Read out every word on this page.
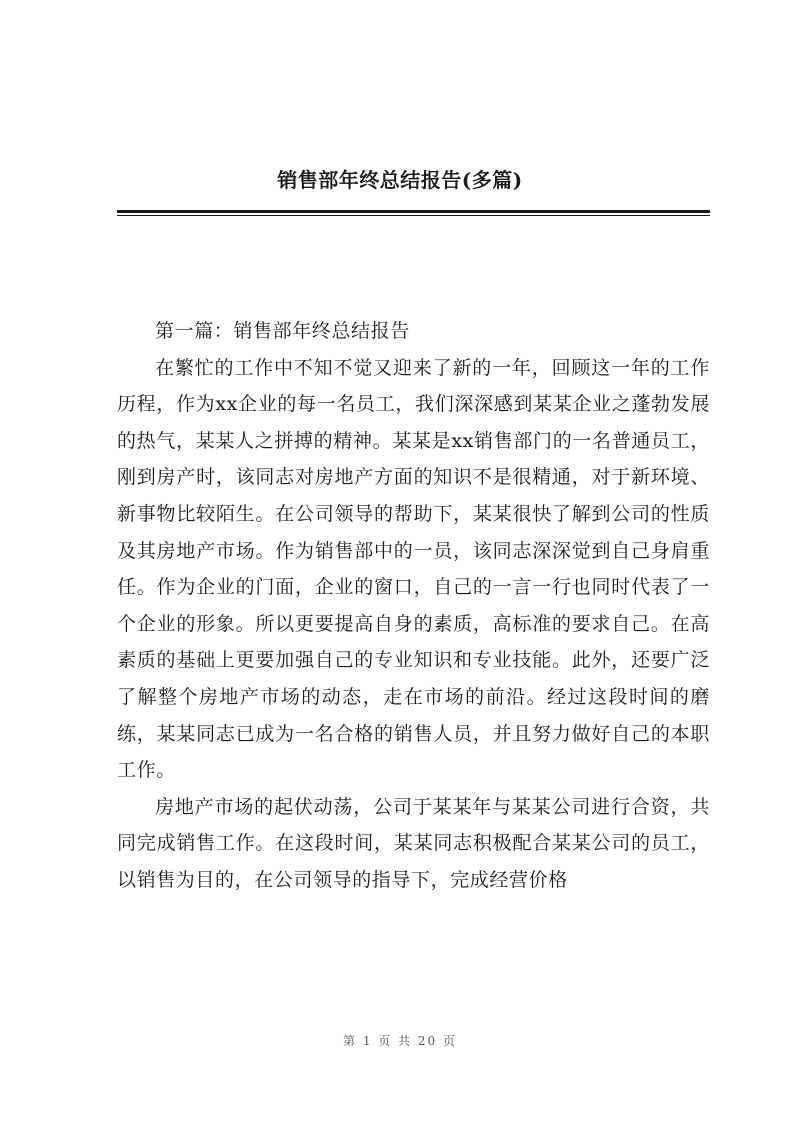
销售部年终总结报告(多篇)

第一篇：销售部年终总结报告

在繁忙的工作中不知不觉又迎来了新的一年，回顾这一年的工作历程，作为xx企业的每一名员工，我们深深感到某某企业之蓬勃发展的热气，某某人之拼搏的精神。某某是xx销售部门的一名普通员工，刚到房产时，该同志对房地产方面的知识不是很精通，对于新环境、新事物比较陌生。在公司领导的帮助下，某某很快了解到公司的性质及其房地产市场。作为销售部中的一员，该同志深深觉到自己身肩重任。作为企业的门面，企业的窗口，自己的一言一行也同时代表了一个企业的形象。所以更要提高自身的素质，高标准的要求自己。在高素质的基础上更要加强自己的专业知识和专业技能。此外，还要广泛了解整个房地产市场的动态，走在市场的前沿。经过这段时间的磨练，某某同志已成为一名合格的销售人员，并且努力做好自己的本职工作。

房地产市场的起伏动荡，公司于某某年与某某公司进行合资，共同完成销售工作。在这段时间，某某同志积极配合某某公司的员工，以销售为目的，在公司领导的指导下，完成经营价格

第 1 页 共 20 页
